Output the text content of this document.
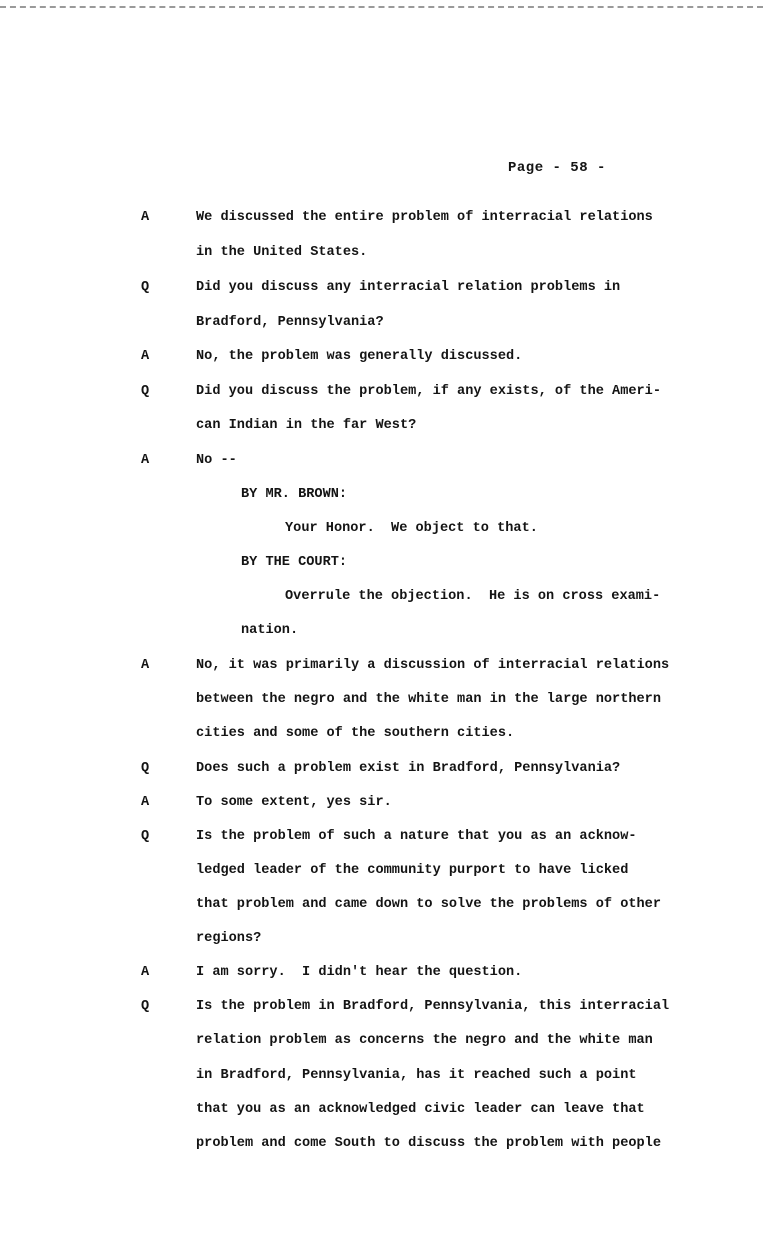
Page - 58 -
A	We discussed the entire problem of interracial relations
in the United States.
Q	Did you discuss any interracial relation problems in
Bradford, Pennsylvania?
A	No, the problem was generally discussed.
Q	Did you discuss the problem, if any exists, of the Ameri-
can Indian in the far West?
A	No --
BY MR. BROWN:
Your Honor.  We object to that.
BY THE COURT:
Overrule the objection.  He is on cross exami-
nation.
A	No, it was primarily a discussion of interracial relations
between the negro and the white man in the large northern
cities and some of the southern cities.
Q	Does such a problem exist in Bradford, Pennsylvania?
A	To some extent, yes sir.
Q	Is the problem of such a nature that you as an acknow-
ledged leader of the community purport to have licked
that problem and came down to solve the problems of other
regions?
A	I am sorry.  I didn't hear the question.
Q	Is the problem in Bradford, Pennsylvania, this interracial
relation problem as concerns the negro and the white man
in Bradford, Pennsylvania, has it reached such a point
that you as an acknowledged civic leader can leave that
problem and come South to discuss the problem with people
